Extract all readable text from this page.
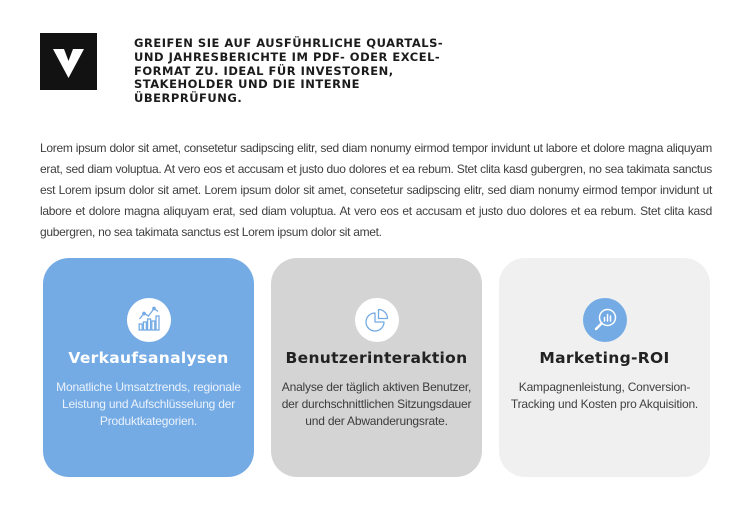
GREIFEN SIE AUF AUSFÜHRLICHE QUARTALS-
UND JAHRESBERICHTE IM PDF- ODER EXCEL-
FORMAT ZU. IDEAL FÜR INVESTOREN,
STAKEHOLDER UND DIE INTERNE
ÜBERPRÜFUNG.

Lorem ipsum dolor sit amet, consetetur sadipscing elitr, sed diam nonumy eirmod tempor invidunt ut labore et dolore magna aliquyam erat, sed diam voluptua. At vero eos et accusam et justo duo dolores et ea rebum. Stet clita kasd gubergren, no sea takimata sanctus est Lorem ipsum dolor sit amet. Lorem ipsum dolor sit amet, consetetur sadipscing elitr, sed diam nonumy eirmod tempor invidunt ut labore et dolore magna aliquyam erat, sed diam voluptua. At vero eos et accusam et justo duo dolores et ea rebum. Stet clita kasd gubergren, no sea takimata sanctus est Lorem ipsum dolor sit amet.

Verkaufsanalysen

Monatliche Umsatztrends, regionale Leistung und Aufschlüsselung der Produktkategorien.

Benutzerinteraktion

Analyse der täglich aktiven Benutzer, der durchschnittlichen Sitzungsdauer und der Abwanderungsrate.

Marketing-ROI

Kampagnenleistung, Conversion-Tracking und Kosten pro Akquisition.
